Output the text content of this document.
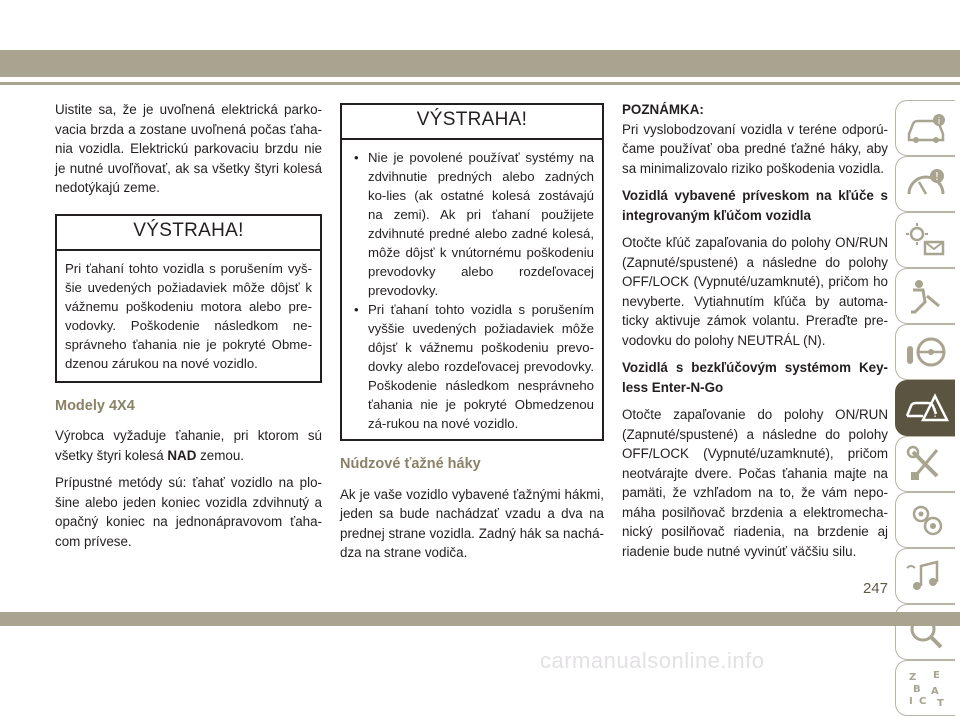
Uistite sa, že je uvoľnená elektrická parko-vacia brzda a zostane uvoľnená počas ťaha-nia vozidla. Elektrickú parkovaciu brzdu nie je nutné uvoľňovať, ak sa všetky štyri kolesá nedotýkajú zeme.

VÝSTRAHA!
Pri ťahaní tohto vozidla s porušením vyš-šie uvedených požiadaviek môže dôjsť k vážnemu poškodeniu motora alebo pre-vodovky. Poškodenie následkom ne-správneho ťahania nie je pokryté Obme-dzenou zárukou na nové vozidlo.
Modely 4X4

Výrobca vyžaduje ťahanie, pri ktorom sú všetky štyri kolesá NAD zemou.

Prípustné metódy sú: ťahať vozidlo na plo-šine alebo jeden koniec vozidla zdvihnutý a opačný koniec na jednonápravovom ťaha-com prívese.

VÝSTRAHA!
• Nie je povolené používať systémy na zdvihnutie predných alebo zadných ko-lies (ak ostatné kolesá zostávajú na zemi). Ak pri ťahaní použijete zdvihnuté predné alebo zadné kolesá, môže dôjsť k vnútornému poškodeniu prevodovky alebo rozdeľovacej prevodovky.
• Pri ťahaní tohto vozidla s porušením vyššie uvedených požiadaviek môže dôjsť k vážnemu poškodeniu prevo-dovky alebo rozdeľovacej prevodovky. Poškodenie následkom nesprávneho ťahania nie je pokryté Obmedzenou zá-rukou na nové vozidlo.
Núdzové ťažné háky

Ak je vaše vozidlo vybavené ťažnými hákmi, jeden sa bude nachádzať vzadu a dva na prednej strane vozidla. Zadný hák sa nachá-dza na strane vodiča.

POZNÁMKA:

Pri vyslobodzovaní vozidla v teréne odporú-čame používať oba predné ťažné háky, aby sa minimalizovalo riziko poškodenia vozidla.

Vozidlá vybavené príveskom na kľúče s integrovaným kľúčom vozidla

Otočte kľúč zapaľovania do polohy ON/RUN (Zapnuté/spustené) a následne do polohy OFF/LOCK (Vypnuté/uzamknuté), pričom ho nevyberte. Vytiahnutím kľúča by automa-ticky aktivuje zámok volantu. Preraďte pre-vodovku do polohy NEUTRÁL (N).

Vozidlá s bezkľúčovým systémom Key-less Enter-N-Go

Otočte zapaľovanie do polohy ON/RUN (Zapnuté/spustené) a následne do polohy OFF/LOCK (Vypnuté/uzamknuté), pričom neotvárajte dvere. Počas ťahania majte na pamäti, že vzhľadom na to, že vám nepo-máha posilňovač brzdenia a elektromecha-nický posilňovač riadenia, na brzdenie aj riadenie bude nutné vyvinúť väčšiu silu.

i
!
!
Z E
B A
I C T
247
carmanualsonline.info
